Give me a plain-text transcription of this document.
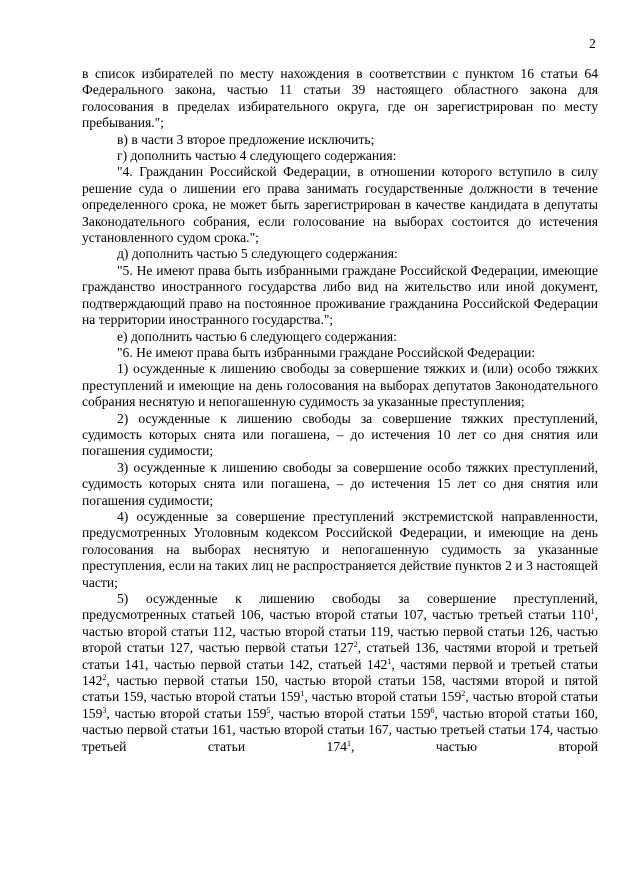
2

в список избирателей по месту нахождения в соответствии с пунктом 16 статьи 64 Федерального закона, частью 11 статьи 39 настоящего областного закона для голосования в пределах избирательного округа, где он зарегистрирован по месту пребывания.";

в) в части 3 второе предложение исключить;

г) дополнить частью 4 следующего содержания:

"4. Гражданин Российской Федерации, в отношении которого вступило в силу решение суда о лишении его права занимать государственные должности в течение определенного срока, не может быть зарегистрирован в качестве кандидата в депутаты Законодательного собрания, если голосование на выборах состоится до истечения установленного судом срока.";

д) дополнить частью 5 следующего содержания:

"5. Не имеют права быть избранными граждане Российской Федерации, имеющие гражданство иностранного государства либо вид на жительство или иной документ, подтверждающий право на постоянное проживание гражданина Российской Федерации на территории иностранного государства.";

е) дополнить частью 6 следующего содержания:

"6. Не имеют права быть избранными граждане Российской Федерации:

1) осужденные к лишению свободы за совершение тяжких и (или) особо тяжких преступлений и имеющие на день голосования на выборах депутатов Законодательного собрания неснятую и непогашенную судимость за указанные преступления;

2) осужденные к лишению свободы за совершение тяжких преступлений, судимость которых снята или погашена, – до истечения 10 лет со дня снятия или погашения судимости;

3) осужденные к лишению свободы за совершение особо тяжких преступлений, судимость которых снята или погашена, – до истечения 15 лет со дня снятия или погашения судимости;

4) осужденные за совершение преступлений экстремистской направленности, предусмотренных Уголовным кодексом Российской Федерации, и имеющие на день голосования на выборах неснятую и непогашенную судимость за указанные преступления, если на таких лиц не распространяется действие пунктов 2 и 3 настоящей части;

5) осужденные к лишению свободы за совершение преступлений, предусмотренных статьей 106, частью второй статьи 107, частью третьей статьи $110^1$, частью второй статьи 112, частью второй статьи 119, частью первой статьи 126, частью второй статьи 127, частью первой статьи $127^2$, статьей 136, частями второй и третьей статьи 141, частью первой статьи 142, статьей $142^1$, частями первой и третьей статьи $142^2$, частью первой статьи 150, частью второй статьи 158, частями второй и пятой статьи 159, частью второй статьи $159^1$, частью второй статьи $159^2$, частью второй статьи $159^3$, частью второй статьи $159^5$, частью второй статьи $159^6$, частью второй статьи 160, частью первой статьи 161, частью второй статьи 167, частью третьей статьи 174, частью третьей статьи $174^1$, частью второй
